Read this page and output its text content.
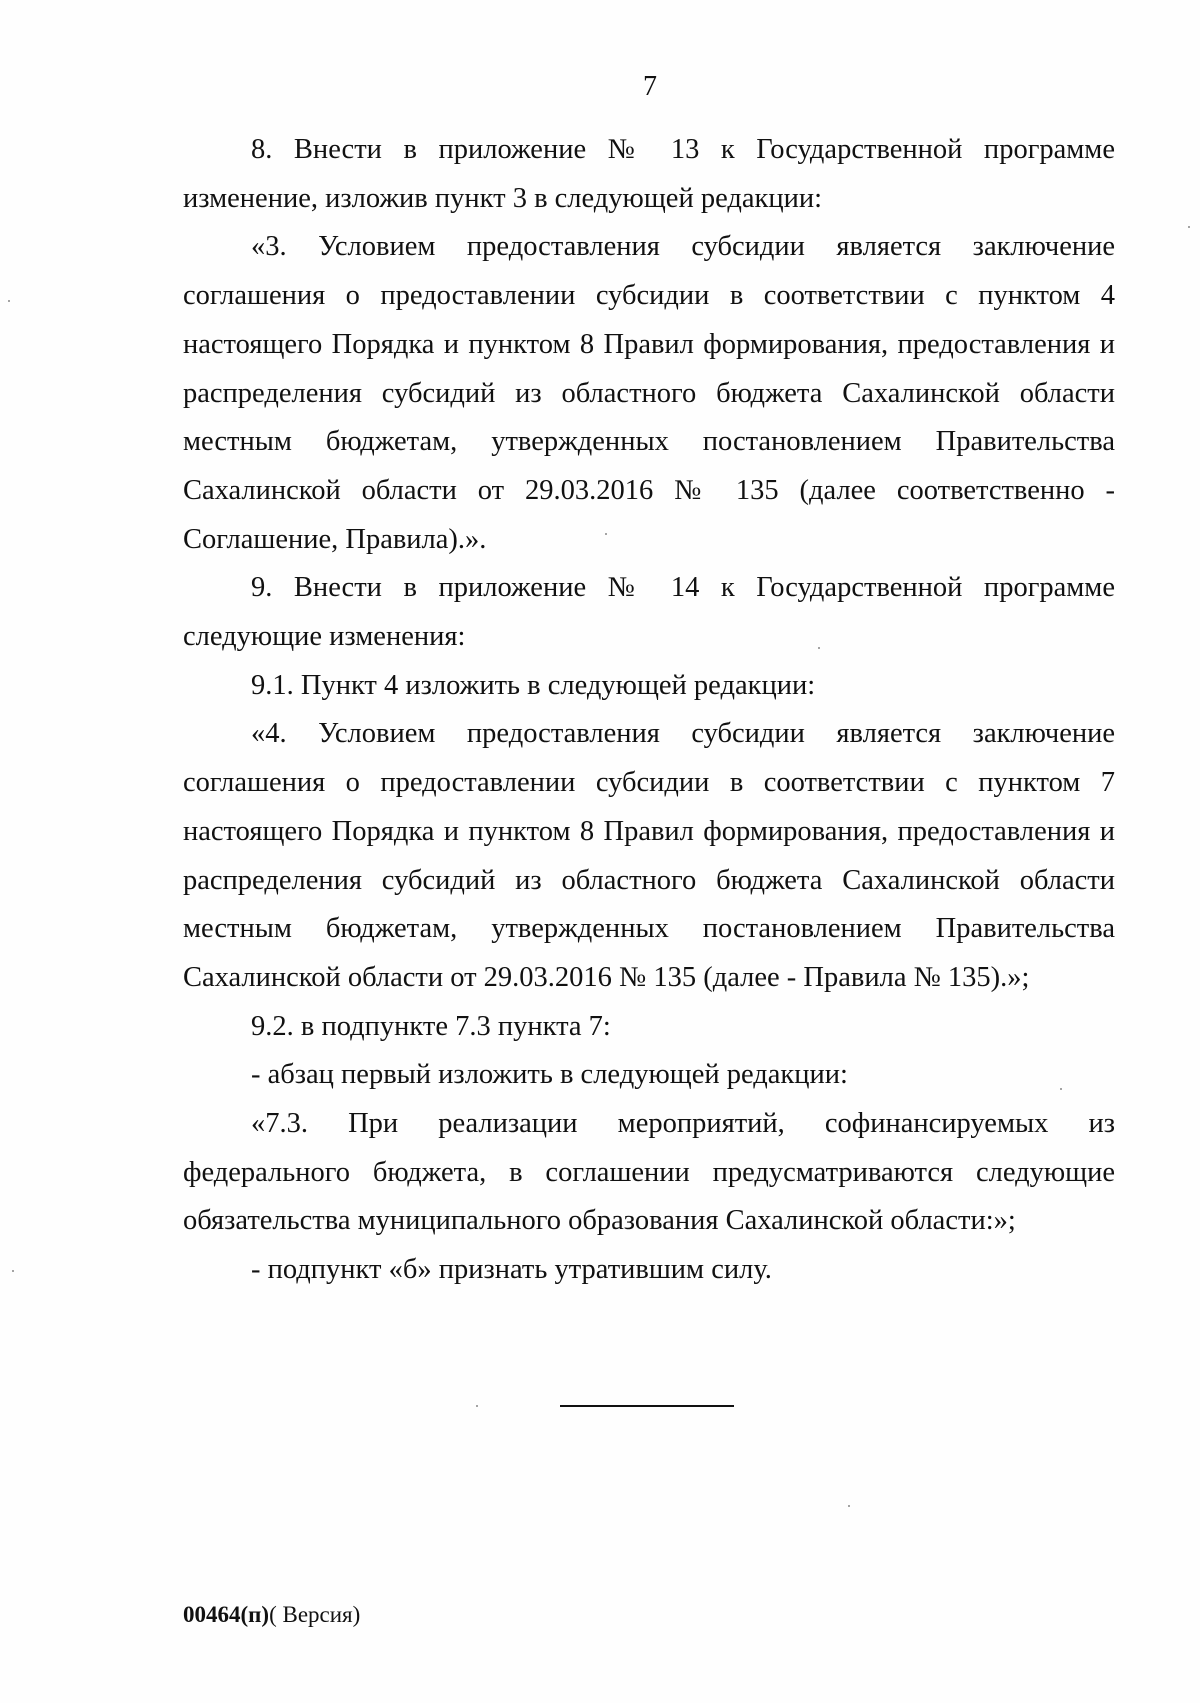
7

8. Внести в приложение № 13 к Государственной программе изменение, изложив пункт 3 в следующей редакции:

«3. Условием предоставления субсидии является заключение соглашения о предоставлении субсидии в соответствии с пунктом 4 настоящего Порядка и пунктом 8 Правил формирования, предоставления и распределения субсидий из областного бюджета Сахалинской области местным бюджетам, утвержденных постановлением Правительства Сахалинской области от 29.03.2016 № 135 (далее соответственно - Соглашение, Правила).».

9. Внести в приложение № 14 к Государственной программе следующие изменения:

9.1. Пункт 4 изложить в следующей редакции:

«4. Условием предоставления субсидии является заключение соглашения о предоставлении субсидии в соответствии с пунктом 7 настоящего Порядка и пунктом 8 Правил формирования, предоставления и распределения субсидий из областного бюджета Сахалинской области местным бюджетам, утвержденных постановлением Правительства Сахалинской области от 29.03.2016 № 135 (далее - Правила № 135).»;

9.2. в подпункте 7.3 пункта 7:

- абзац первый изложить в следующей редакции:

«7.3. При реализации мероприятий, софинансируемых из федерального бюджета, в соглашении предусматриваются следующие обязательства муниципального образования Сахалинской области:»;

- подпункт «б» признать утратившим силу.

00464(п)( Версия)
